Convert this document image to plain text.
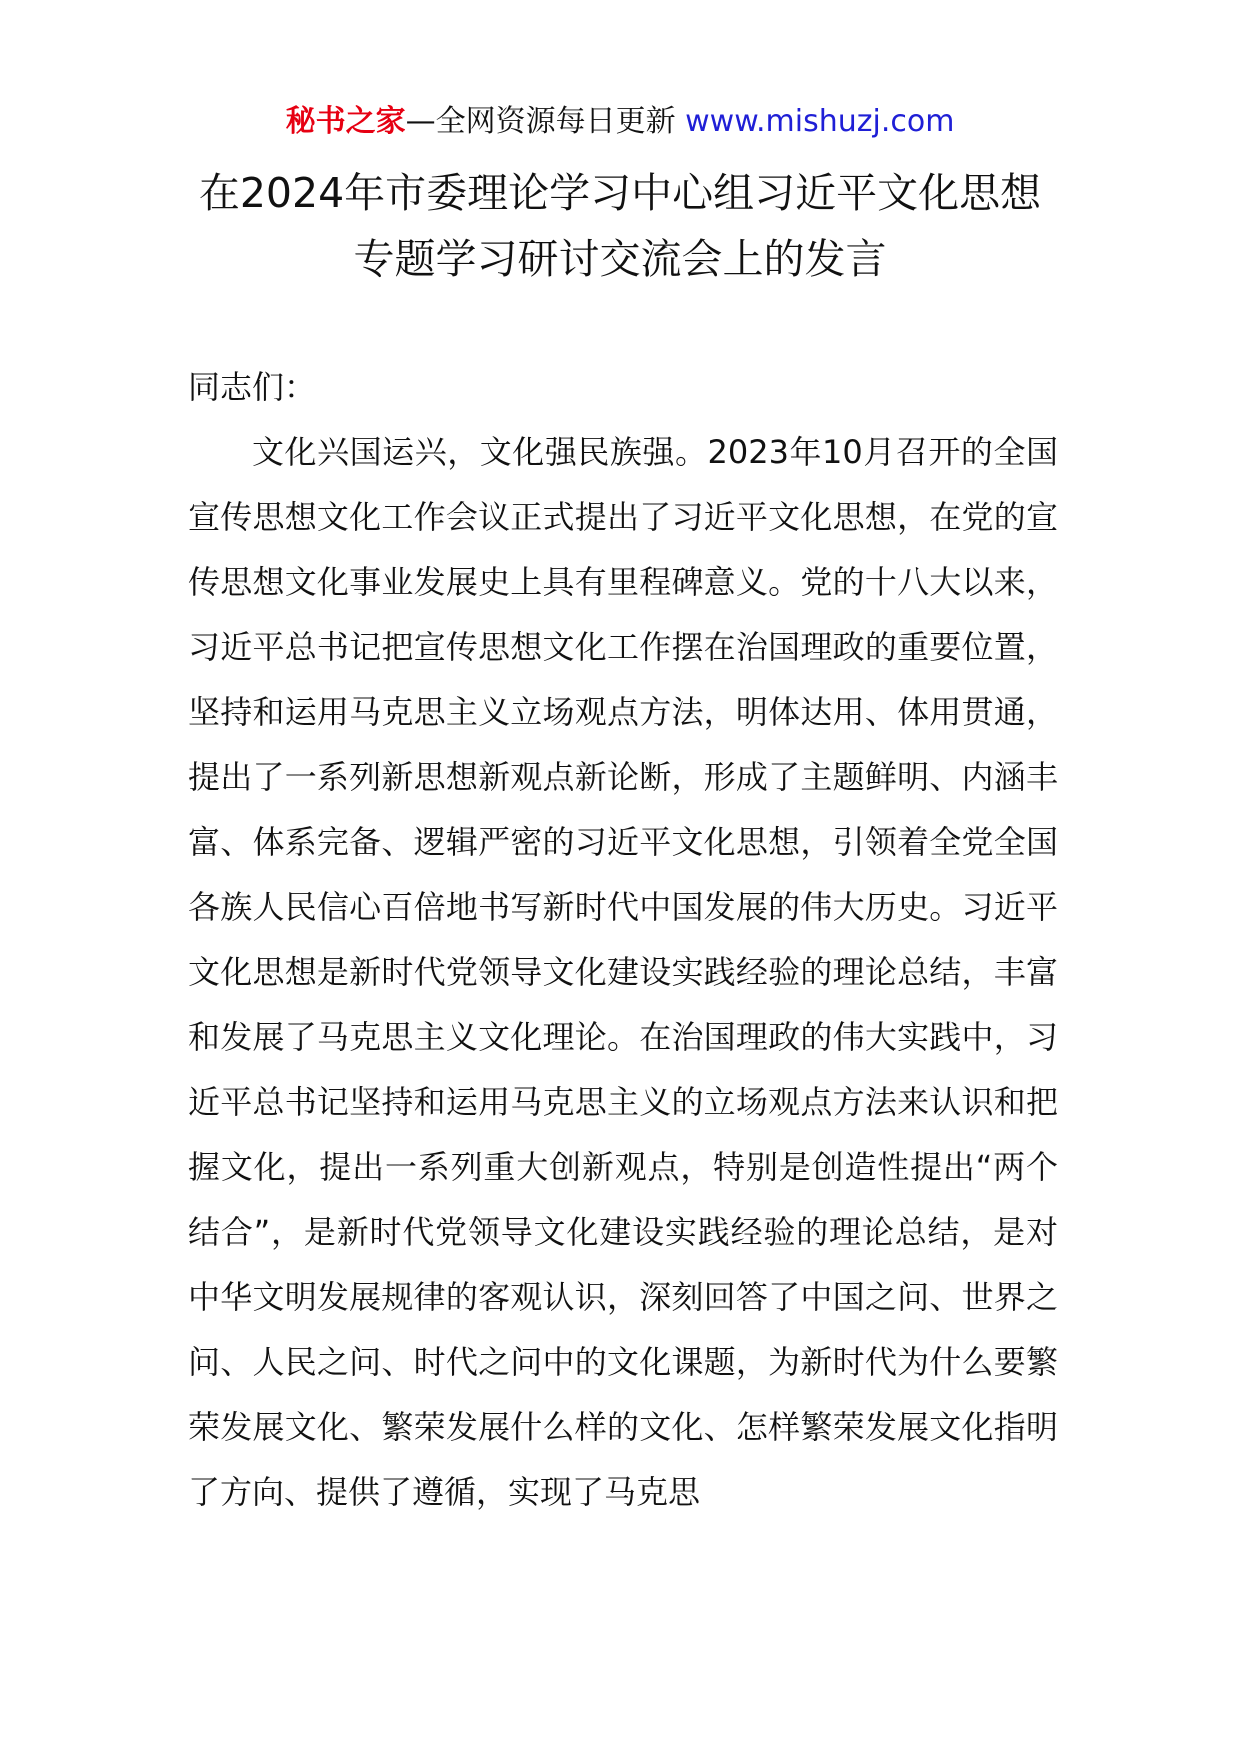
秘书之家—全网资源每日更新 www.mishuzj.com
在2024年市委理论学习中心组习近平文化思想
专题学习研讨交流会上的发言

同志们：

文化兴国运兴，文化强民族强。2023年10月召开的全国宣传思想文化工作会议正式提出了习近平文化思想，在党的宣传思想文化事业发展史上具有里程碑意义。党的十八大以来，习近平总书记把宣传思想文化工作摆在治国理政的重要位置，坚持和运用马克思主义立场观点方法，明体达用、体用贯通，提出了一系列新思想新观点新论断，形成了主题鲜明、内涵丰富、体系完备、逻辑严密的习近平文化思想，引领着全党全国各族人民信心百倍地书写新时代中国发展的伟大历史。习近平文化思想是新时代党领导文化建设实践经验的理论总结，丰富和发展了马克思主义文化理论。在治国理政的伟大实践中，习近平总书记坚持和运用马克思主义的立场观点方法来认识和把握文化，提出一系列重大创新观点，特别是创造性提出“两个结合”，是新时代党领导文化建设实践经验的理论总结，是对中华文明发展规律的客观认识，深刻回答了中国之问、世界之问、人民之问、时代之问中的文化课题，为新时代为什么要繁荣发展文化、繁荣发展什么样的文化、怎样繁荣发展文化指明了方向、提供了遵循，实现了马克思
